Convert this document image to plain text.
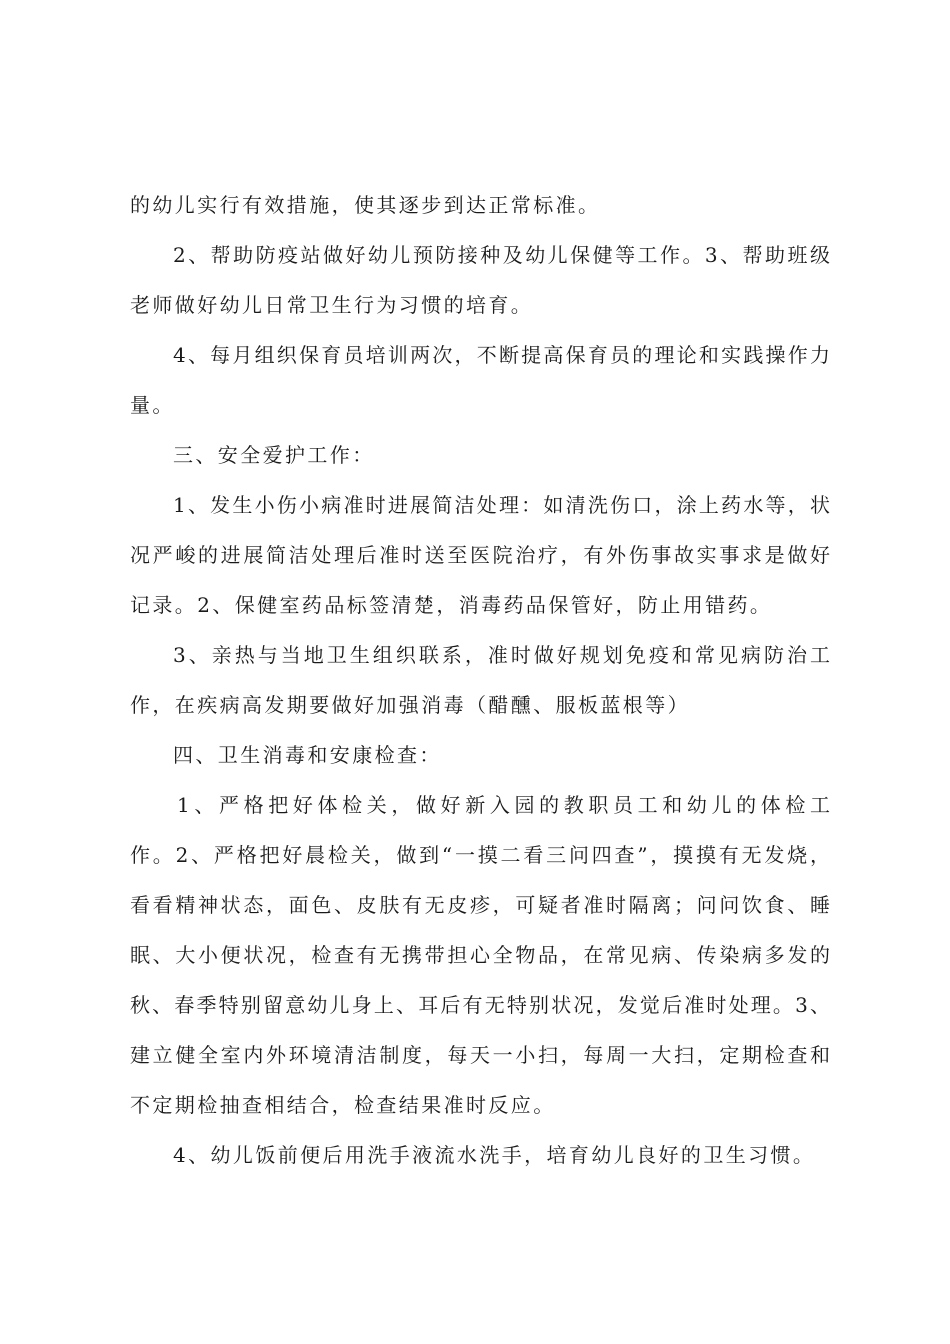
的幼儿实行有效措施，使其逐步到达正常标准。
2、帮助防疫站做好幼儿预防接种及幼儿保健等工作。3、帮助班级
老师做好幼儿日常卫生行为习惯的培育。
4、每月组织保育员培训两次，不断提高保育员的理论和实践操作力
量。
三、安全爱护工作：
1、发生小伤小病准时进展简洁处理：如清洗伤口，涂上药水等，状
况严峻的进展简洁处理后准时送至医院治疗，有外伤事故实事求是做好
记录。2、保健室药品标签清楚，消毒药品保管好，防止用错药。
3、亲热与当地卫生组织联系，准时做好规划免疫和常见病防治工
作，在疾病高发期要做好加强消毒（醋醺、服板蓝根等）
四、卫生消毒和安康检查：
1、严格把好体检关，做好新入园的教职员工和幼儿的体检工
作。2、严格把好晨检关，做到“一摸二看三问四查”，摸摸有无发烧，
看看精神状态，面色、皮肤有无皮疹，可疑者准时隔离；问问饮食、睡
眠、大小便状况，检查有无携带担心全物品，在常见病、传染病多发的
秋、春季特别留意幼儿身上、耳后有无特别状况，发觉后准时处理。3、
建立健全室内外环境清洁制度，每天一小扫，每周一大扫，定期检查和
不定期检抽查相结合，检查结果准时反应。
4、幼儿饭前便后用洗手液流水洗手，培育幼儿良好的卫生习惯。
